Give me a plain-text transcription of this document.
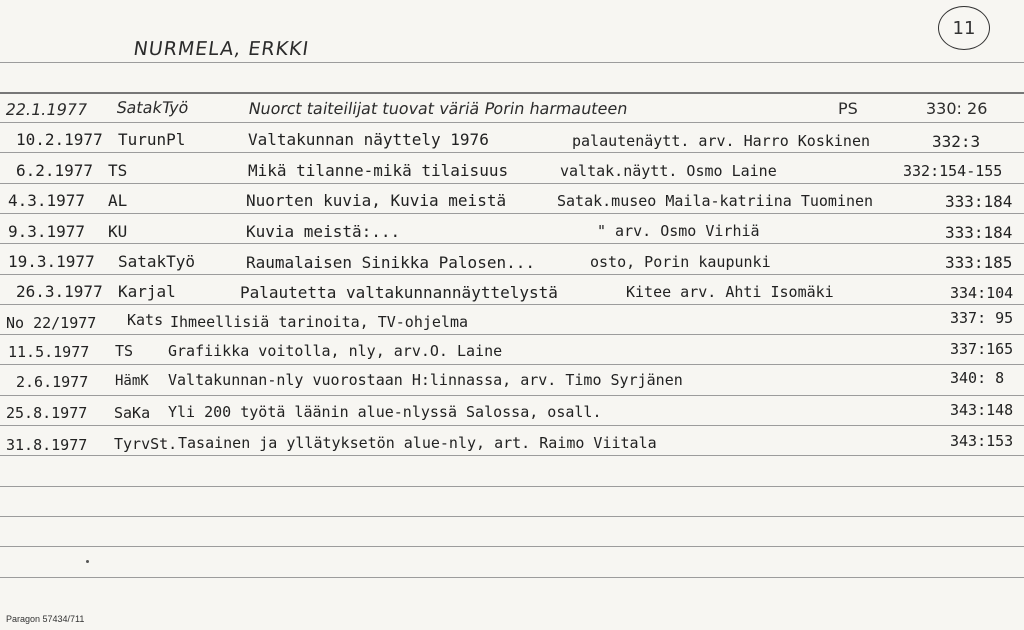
NURMELA, ERKKI
11
22.1.1977 SatakTyö	Nuorct taiteilijat tuovat väriä Porin harmauteen	PS	330: 26
10.2.1977 TurunPl	Valtakunnan näyttely 1976	palautenäytt. arv. Harro Koskinen	332:3
6.2.1977 TS	Mikä tilanne-mikä tilaisuus	valtak.näytt. Osmo Laine	332:154-155
4.3.1977 AL	Nuorten kuvia, Kuvia meistä	Satak.museo Maila-katriina Tuominen	333:184
9.3.1977 KU	Kuvia meistä:...	" arv. Osmo Virhiä	333:184
19.3.1977 SatakTyö	Raumalaisen Sinikka Palosen...	osto, Porin kaupunki	333:185
26.3.1977 Karjal	Palautetta valtakunnannäyttelystä	Kitee arv. Ahti Isomäki	334:104
No 22/1977 Kats Ihmeellisiä tarinoita, TV-ohjelma	337: 95
11.5.1977 TS Grafiikka voitolla, nly, arv.O. Laine	337:165
2.6.1977 HämK Valtakunnan-nly vuorostaan H:linnassa, arv. Timo Syrjänen	340: 8
25.8.1977 SaKa Yli 200 työtä läänin alue-nlyssä Salossa, osall.	343:148
31.8.1977 TyrvSt. Tasainen ja yllätyksetön alue-nly, art. Raimo Viitala	343:153
Paragon 57434/711
